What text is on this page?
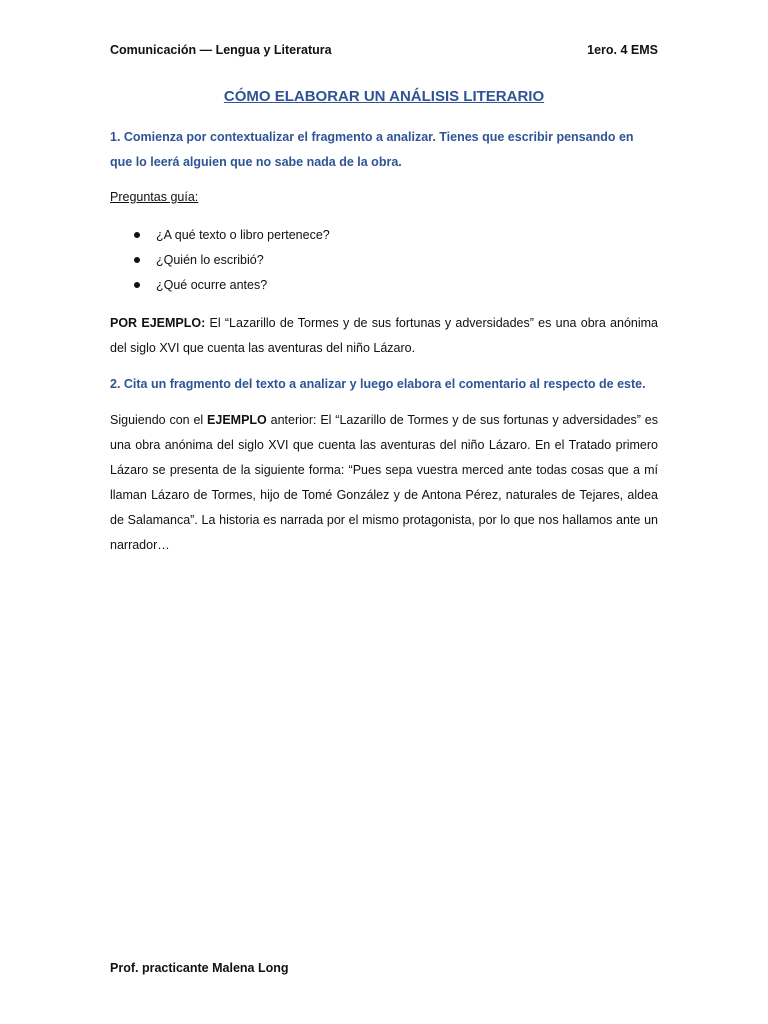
Comunicación — Lengua y Literatura	1ero. 4 EMS
CÓMO ELABORAR UN ANÁLISIS LITERARIO
1. Comienza por contextualizar el fragmento a analizar. Tienes que escribir pensando en que lo leerá alguien que no sabe nada de la obra.
Preguntas guía:
¿A qué texto o libro pertenece?
¿Quién lo escribió?
¿Qué ocurre antes?
POR EJEMPLO: El “Lazarillo de Tormes y de sus fortunas y adversidades” es una obra anónima del siglo XVI que cuenta las aventuras del niño Lázaro.
2. Cita un fragmento del texto a analizar y luego elabora el comentario al respecto de este.
Siguiendo con el EJEMPLO anterior: El “Lazarillo de Tormes y de sus fortunas y adversidades” es una obra anónima del siglo XVI que cuenta las aventuras del niño Lázaro. En el Tratado primero Lázaro se presenta de la siguiente forma: “Pues sepa vuestra merced ante todas cosas que a mí llaman Lázaro de Tormes, hijo de Tomé González y de Antona Pérez, naturales de Tejares, aldea de Salamanca”. La historia es narrada por el mismo protagonista, por lo que nos hallamos ante un narrador…
Prof. practicante Malena Long
